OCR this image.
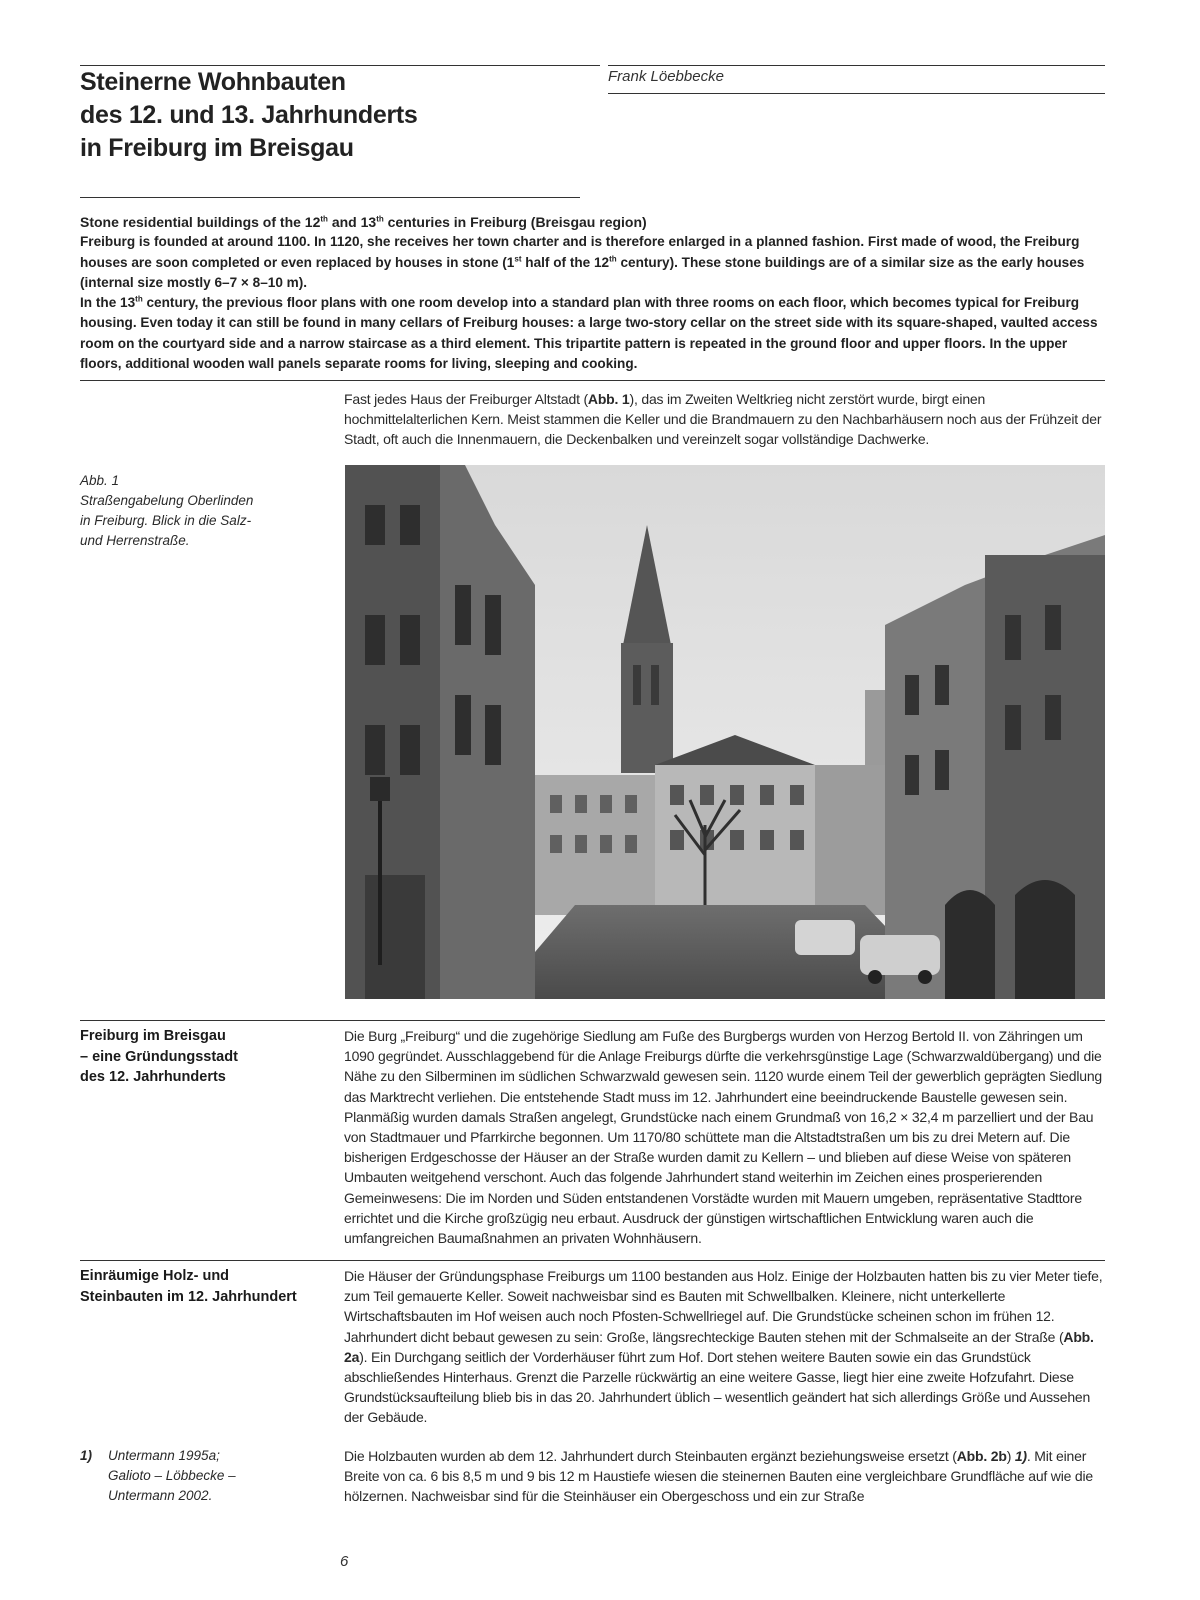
Steinerne Wohnbauten
des 12. und 13. Jahrhunderts
in Freiburg im Breisgau
Frank Löebbecke

Stone residential buildings of the 12th and 13th centuries in Freiburg (Breisgau region)

Freiburg is founded at around 1100. In 1120, she receives her town charter and is therefore enlarged in a planned fashion. First made of wood, the Freiburg houses are soon completed or even replaced by houses in stone (1st half of the 12th century). These stone buildings are of a similar size as the early houses (internal size mostly 6–7 × 8–10 m).

In the 13th century, the previous floor plans with one room develop into a standard plan with three rooms on each floor, which becomes typical for Freiburg housing. Even today it can still be found in many cellars of Freiburg houses: a large two-story cellar on the street side with its square-shaped, vaulted access room on the courtyard side and a narrow staircase as a third element. This tripartite pattern is repeated in the ground floor and upper floors. In the upper floors, additional wooden wall panels separate rooms for living, sleeping and cooking.

Fast jedes Haus der Freiburger Altstadt (Abb. 1), das im Zweiten Weltkrieg nicht zerstört wurde, birgt einen hochmittelalterlichen Kern. Meist stammen die Keller und die Brandmauern zu den Nachbarhäusern noch aus der Frühzeit der Stadt, oft auch die Innenmauern, die Deckenbalken und vereinzelt sogar vollständige Dachwerke.

Abb. 1
Straßengabelung Oberlinden
in Freiburg. Blick in die Salz-
und Herrenstraße.
Freiburg im Breisgau
– eine Gründungsstadt
des 12. Jahrhunderts

Die Burg „Freiburg“ und die zugehörige Siedlung am Fuße des Burgbergs wurden von Herzog Bertold II. von Zähringen um 1090 gegründet. Ausschlaggebend für die Anlage Freiburgs dürfte die verkehrsgünstige Lage (Schwarzwaldübergang) und die Nähe zu den Silberminen im südlichen Schwarzwald gewesen sein. 1120 wurde einem Teil der gewerblich geprägten Siedlung das Marktrecht verliehen. Die entstehende Stadt muss im 12. Jahrhundert eine beeindruckende Baustelle gewesen sein. Planmäßig wurden damals Straßen angelegt, Grundstücke nach einem Grundmaß von 16,2 × 32,4 m parzelliert und der Bau von Stadtmauer und Pfarrkirche begonnen. Um 1170/80 schüttete man die Altstadtstraßen um bis zu drei Metern auf. Die bisherigen Erdgeschosse der Häuser an der Straße wurden damit zu Kellern – und blieben auf diese Weise von späteren Umbauten weitgehend verschont. Auch das folgende Jahrhundert stand weiterhin im Zeichen eines prosperierenden Gemeinwesens: Die im Norden und Süden entstandenen Vorstädte wurden mit Mauern umgeben, repräsentative Stadttore errichtet und die Kirche großzügig neu erbaut. Ausdruck der günstigen wirtschaftlichen Entwicklung waren auch die umfangreichen Baumaßnahmen an privaten Wohnhäusern.

Einräumige Holz- und
Steinbauten im 12. Jahrhundert

Die Häuser der Gründungsphase Freiburgs um 1100 bestanden aus Holz. Einige der Holzbauten hatten bis zu vier Meter tiefe, zum Teil gemauerte Keller. Soweit nachweisbar sind es Bauten mit Schwellbalken. Kleinere, nicht unterkellerte Wirtschaftsbauten im Hof weisen auch noch Pfosten-Schwellriegel auf. Die Grundstücke scheinen schon im frühen 12. Jahrhundert dicht bebaut gewesen zu sein: Große, längsrechteckige Bauten stehen mit der Schmalseite an der Straße (Abb. 2a). Ein Durchgang seitlich der Vorderhäuser führt zum Hof. Dort stehen weitere Bauten sowie ein das Grundstück abschließendes Hinterhaus. Grenzt die Parzelle rückwärtig an eine weitere Gasse, liegt hier eine zweite Hofzufahrt. Diese Grundstücksaufteilung blieb bis in das 20. Jahrhundert üblich – wesentlich geändert hat sich allerdings Größe und Aussehen der Gebäude.

1) Untermann 1995a;
Galioto – Löbbecke –
Untermann 2002.

Die Holzbauten wurden ab dem 12. Jahrhundert durch Steinbauten ergänzt beziehungsweise ersetzt (Abb. 2b) 1). Mit einer Breite von ca. 6 bis 8,5 m und 9 bis 12 m Haustiefe wiesen die steinernen Bauten eine vergleichbare Grundfläche auf wie die hölzernen. Nachweisbar sind für die Steinhäuser ein Obergeschoss und ein zur Straße

6
